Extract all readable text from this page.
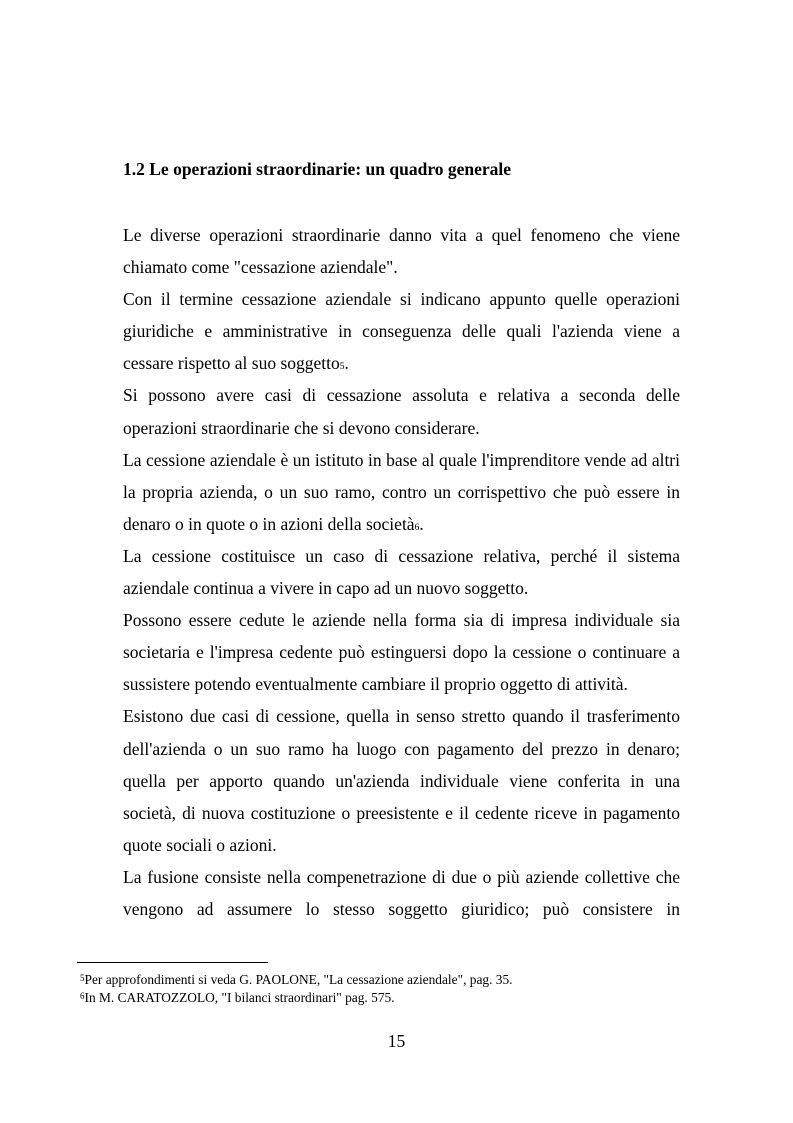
1.2 Le operazioni straordinarie: un quadro generale

Le diverse operazioni straordinarie danno vita a quel fenomeno che viene chiamato come "cessazione aziendale".

Con il termine cessazione aziendale si indicano appunto quelle operazioni giuridiche e amministrative in conseguenza delle quali l'azienda viene a cessare rispetto al suo soggetto5.

Si possono avere casi di cessazione assoluta e relativa a seconda delle operazioni straordinarie che si devono considerare.

La cessione aziendale è un istituto in base al quale l'imprenditore vende ad altri la propria azienda, o un suo ramo, contro un corrispettivo che può essere in denaro o in quote o in azioni della società6.

La cessione costituisce un caso di cessazione relativa, perché il sistema aziendale continua a vivere in capo ad un nuovo soggetto.

Possono essere cedute le aziende nella forma sia di impresa individuale sia societaria e l'impresa cedente può estinguersi dopo la cessione o continuare a sussistere potendo eventualmente cambiare il proprio oggetto di attività.

Esistono due casi di cessione, quella in senso stretto quando il trasferimento dell'azienda o un suo ramo ha luogo con pagamento del prezzo in denaro; quella per apporto quando un'azienda individuale viene conferita in una società, di nuova costituzione o preesistente e il cedente riceve in pagamento quote sociali o azioni.

La fusione consiste nella compenetrazione di due o più aziende collettive che vengono ad assumere lo stesso soggetto giuridico; può consistere in

$^5$Per approfondimenti si veda G. PAOLONE, "La cessazione aziendale", pag. 35.
$^6$In M. CARATOZZOLO, "I bilanci straordinari" pag. 575.
15
